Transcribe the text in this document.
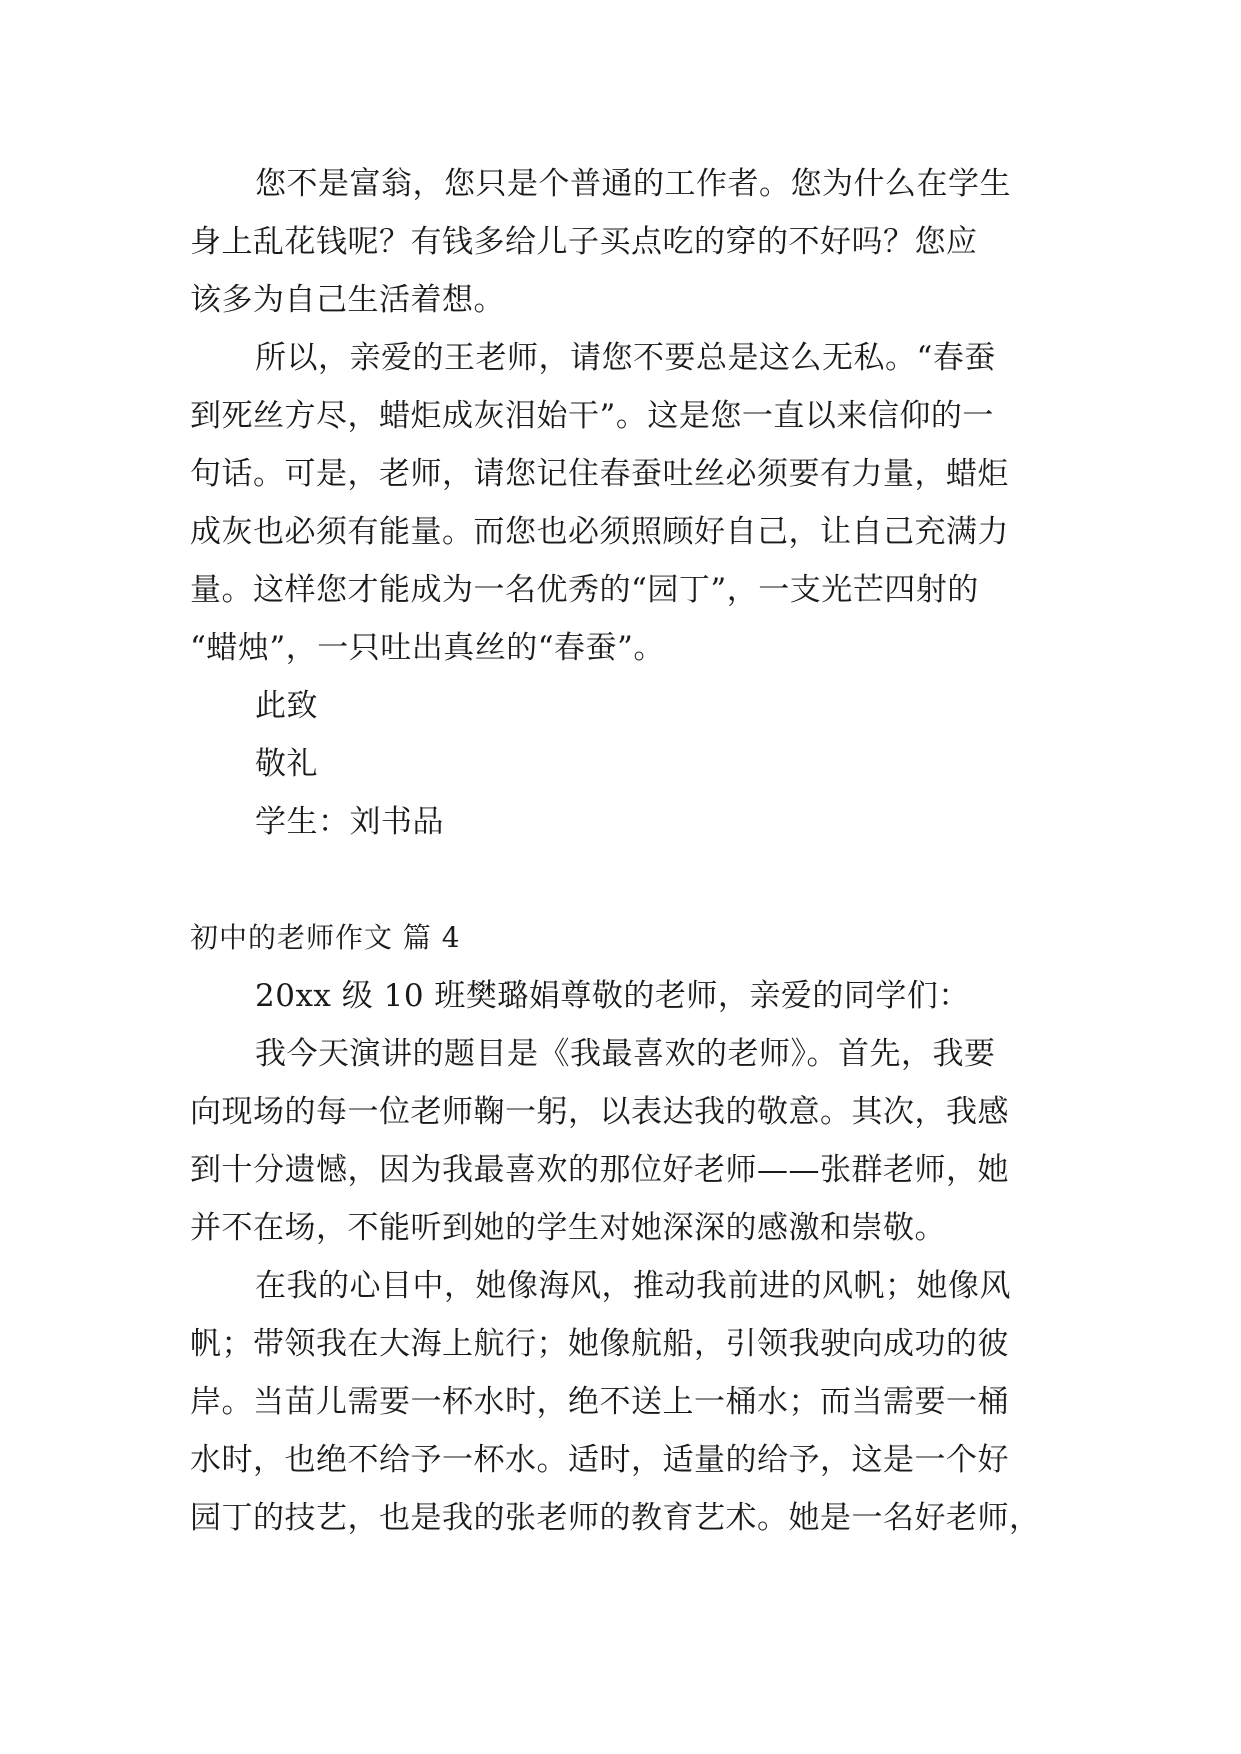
您不是富翁，您只是个普通的工作者。您为什么在学生
身上乱花钱呢？有钱多给儿子买点吃的穿的不好吗？您应
该多为自己生活着想。
所以，亲爱的王老师，请您不要总是这么无私。“春蚕
到死丝方尽，蜡炬成灰泪始干”。这是您一直以来信仰的一
句话。可是，老师，请您记住春蚕吐丝必须要有力量，蜡炬
成灰也必须有能量。而您也必须照顾好自己，让自己充满力
量。这样您才能成为一名优秀的“园丁”，一支光芒四射的
“蜡烛”，一只吐出真丝的“春蚕”。
此致
敬礼
学生：刘书品
初中的老师作文 篇 4
20xx 级 10 班樊璐娟尊敬的老师，亲爱的同学们：
我今天演讲的题目是《我最喜欢的老师》。首先，我要
向现场的每一位老师鞠一躬，以表达我的敬意。其次，我感
到十分遗憾，因为我最喜欢的那位好老师——张群老师，她
并不在场，不能听到她的学生对她深深的感激和崇敬。
在我的心目中，她像海风，推动我前进的风帆；她像风
帆；带领我在大海上航行；她像航船，引领我驶向成功的彼
岸。当苗儿需要一杯水时，绝不送上一桶水；而当需要一桶
水时，也绝不给予一杯水。适时，适量的给予，这是一个好
园丁的技艺，也是我的张老师的教育艺术。她是一名好老师，
